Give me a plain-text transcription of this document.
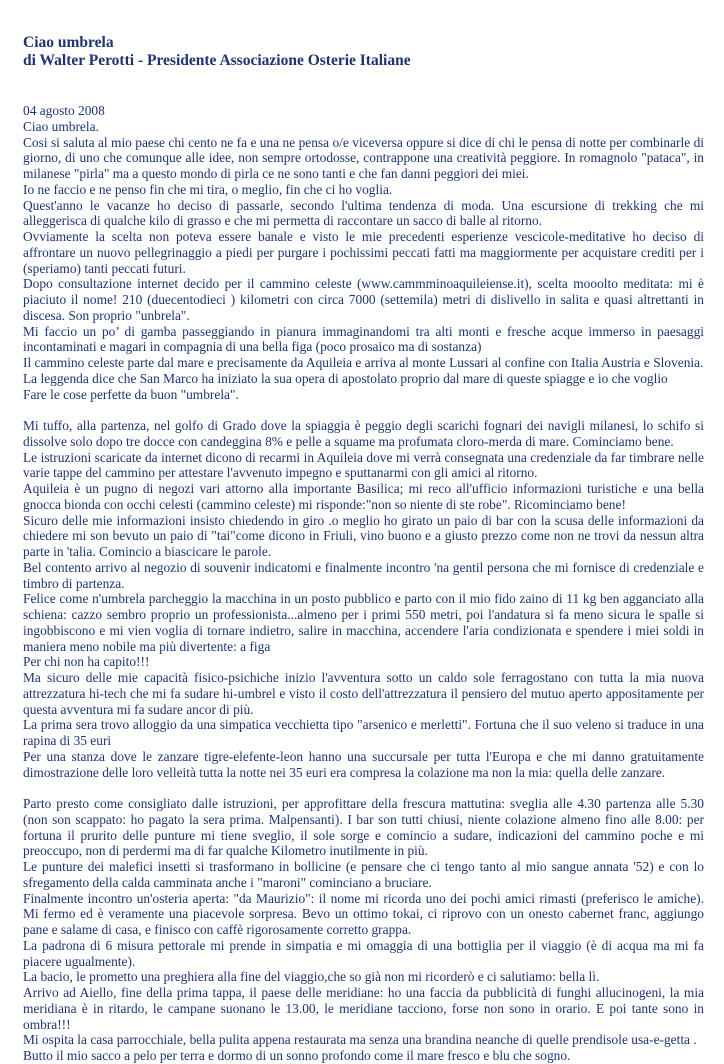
Ciao umbrela
di Walter Perotti - Presidente Associazione Osterie Italiane

04 agosto 2008

Ciao umbrela.

Cosi si saluta al mio paese chi cento ne fa e una ne pensa o/e viceversa oppure si dice di chi le pensa di notte per combinarle di giorno, di uno che comunque alle idee, non sempre ortodosse, contrappone una creatività peggiore. In romagnolo "pataca", in milanese "pirla" ma a questo mondo di pirla ce ne sono tanti e che fan danni peggiori dei miei.

Io ne faccio e ne penso fin che mi tira, o meglio, fin che ci ho voglia.

Quest'anno le vacanze ho deciso di passarle, secondo l'ultima tendenza di moda. Una escursione di trekking che mi alleggerisca di qualche kilo di grasso e che mi permetta di raccontare un sacco di balle al ritorno.

Ovviamente la scelta non poteva essere banale e visto le mie precedenti esperienze vescicole-meditative ho deciso di affrontare un nuovo pellegrinaggio a piedi per purgare i pochissimi peccati fatti ma maggiormente per acquistare crediti per i (speriamo) tanti peccati futuri.

Dopo consultazione internet decido per il cammino celeste (www.cammminoaquileiense.it), scelta mooolto meditata: mi è piaciuto il nome! 210 (duecentodieci ) kilometri con circa 7000 (settemila) metri di dislivello in salita e quasi altrettanti in discesa. Son proprio "unbrela".

Mi faccio un po’ di gamba passeggiando in pianura immaginandomi tra alti monti e fresche acque immerso in paesaggi incontaminati e magari in compagnia di una bella figa (poco prosaico ma di sostanza)

Il cammino celeste parte dal mare e precisamente da Aquileia e arriva al monte Lussari al confine con Italia Austria e Slovenia.

La leggenda dice che San Marco ha iniziato la sua opera di apostolato proprio dal mare di queste spiagge e io che voglio

Fare le cose perfette da buon "umbrela".

Mi tuffo, alla partenza, nel golfo di Grado dove la spiaggia è peggio degli scarichi fognari dei navigli milanesi, lo schifo si dissolve solo dopo tre docce con candeggina 8% e pelle a squame ma profumata cloro-merda di mare. Cominciamo bene.

Le istruzioni scaricate da internet dicono di recarmi in Aquileia dove mi verrà consegnata una credenziale da far timbrare nelle varie tappe del cammino per attestare l'avvenuto impegno e sputtanarmi con gli amici al ritorno.

Aquileia è un pugno di negozi vari attorno alla importante Basilica; mi reco all'ufficio informazioni turistiche e una bella gnocca bionda con occhi celesti (cammino celeste) mi risponde:"non so niente di ste robe". Ricominciamo bene!

Sicuro delle mie informazioni insisto chiedendo in giro .o meglio ho girato un paio di bar con la scusa delle informazioni da chiedere mi son bevuto un paio di "tai"come dicono in Friuli, vino buono e a giusto prezzo come non ne trovi da nessun altra parte in 'talia. Comincio a biascicare le parole.

Bel contento arrivo al negozio di souvenir indicatomi e finalmente incontro 'na gentil persona che mi fornisce di credenziale e timbro di partenza.

Felice come n'umbrela parcheggio la macchina in un posto pubblico e parto con il mio fido zaino di 11 kg ben agganciato alla schiena: cazzo sembro proprio un professionista...almeno per i primi 550 metri, poi l'andatura si fa meno sicura le spalle si ingobbiscono e mi vien voglia di tornare indietro, salire in macchina, accendere l'aria condizionata e spendere i miei soldi in maniera meno nobile ma più divertente: a figa

Per chi non ha capito!!!

Ma sicuro delle mie capacità fisico-psichiche inizio l'avventura sotto un caldo sole ferragostano con tutta la mia nuova attrezzatura hi-tech che mi fa sudare hi-umbrel e visto il costo dell'attrezzatura il pensiero del mutuo aperto appositamente per questa avventura mi fa sudare ancor di più.

La prima sera trovo alloggio da una simpatica vecchietta tipo "arsenico e merletti". Fortuna che il suo veleno si traduce in una rapina di 35 euri

Per una stanza dove le zanzare tigre-elefente-leon hanno una succursale per tutta l'Europa e che mi danno gratuitamente dimostrazione delle loro velleità tutta la notte nei 35 euri era compresa la colazione ma non la mia: quella delle zanzare.

Parto presto come consigliato dalle istruzioni, per approfittare della frescura mattutina: sveglia alle 4.30 partenza alle 5.30 (non son scappato: ho pagato la sera prima. Malpensanti). I bar son tutti chiusi, niente colazione almeno fino alle 8.00: per fortuna il prurito delle punture mi tiene sveglio, il sole sorge e comincio a sudare, indicazioni del cammino poche e mi preoccupo, non di perdermi ma di far qualche Kilometro inutilmente in più.

Le punture dei malefici insetti si trasformano in bollicine (e pensare che ci tengo tanto al mio sangue annata '52) e con lo sfregamento della calda camminata anche i "maroni" cominciano a bruciare.

Finalmente incontro un'osteria aperta: "da Maurizio": il nome mi ricorda uno dei pochi amici rimasti (preferisco le amiche). Mi fermo ed è veramente una piacevole sorpresa. Bevo un ottimo tokai, ci riprovo con un onesto cabernet franc, aggiungo pane e salame di casa, e finisco con caffè rigorosamente corretto grappa.

La padrona di 6 misura pettorale mi prende in simpatia e mi omaggia di una bottiglia per il viaggio (è di acqua ma mi fa piacere ugualmente).

La bacio, le prometto una preghiera alla fine del viaggio,che so già non mi ricorderò e ci salutiamo: bella lì.

Arrivo ad Aiello, fine della prima tappa, il paese delle meridiane: ho una faccia da pubblicità di funghi allucinogeni, la mia meridiana è in ritardo, le campane suonano le 13.00, le meridiane tacciono, forse non sono in orario. E poi tante sono in ombra!!!

Mi ospita la casa parrocchiale, bella pulita appena restaurata ma senza una brandina neanche di quelle prendisole usa-e-getta .

Butto il mio sacco a pelo per terra e dormo di un sonno profondo come il mare fresco e blu che sogno.
